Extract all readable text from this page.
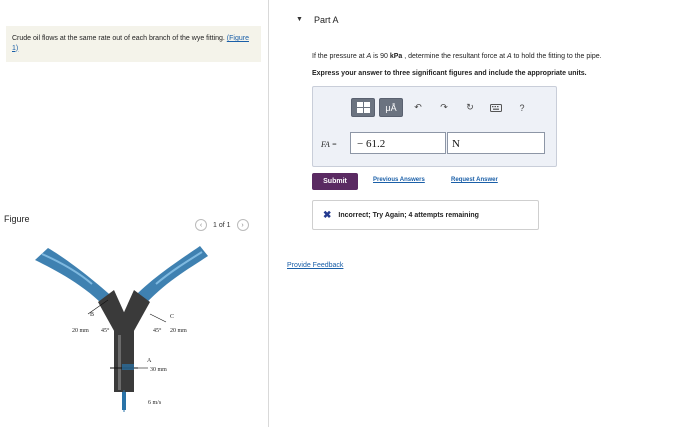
Crude oil flows at the same rate out of each branch of the wye fitting. (Figure 1)
Figure
‹	1 of 1	›
B	C
20 mm 45°	45° 20 mm
A
30 mm
6 m/s
▼ Part A
If the pressure at A is 90 kPa , determine the resultant force at A to hold the fitting to the pipe.
Express your answer to three significant figures and include the appropriate units.
μÅ	↶	↷	↻	?
FA =	− 61.2	N
Submit	Previous Answers	Request Answer
✖ Incorrect; Try Again; 4 attempts remaining
Provide Feedback
